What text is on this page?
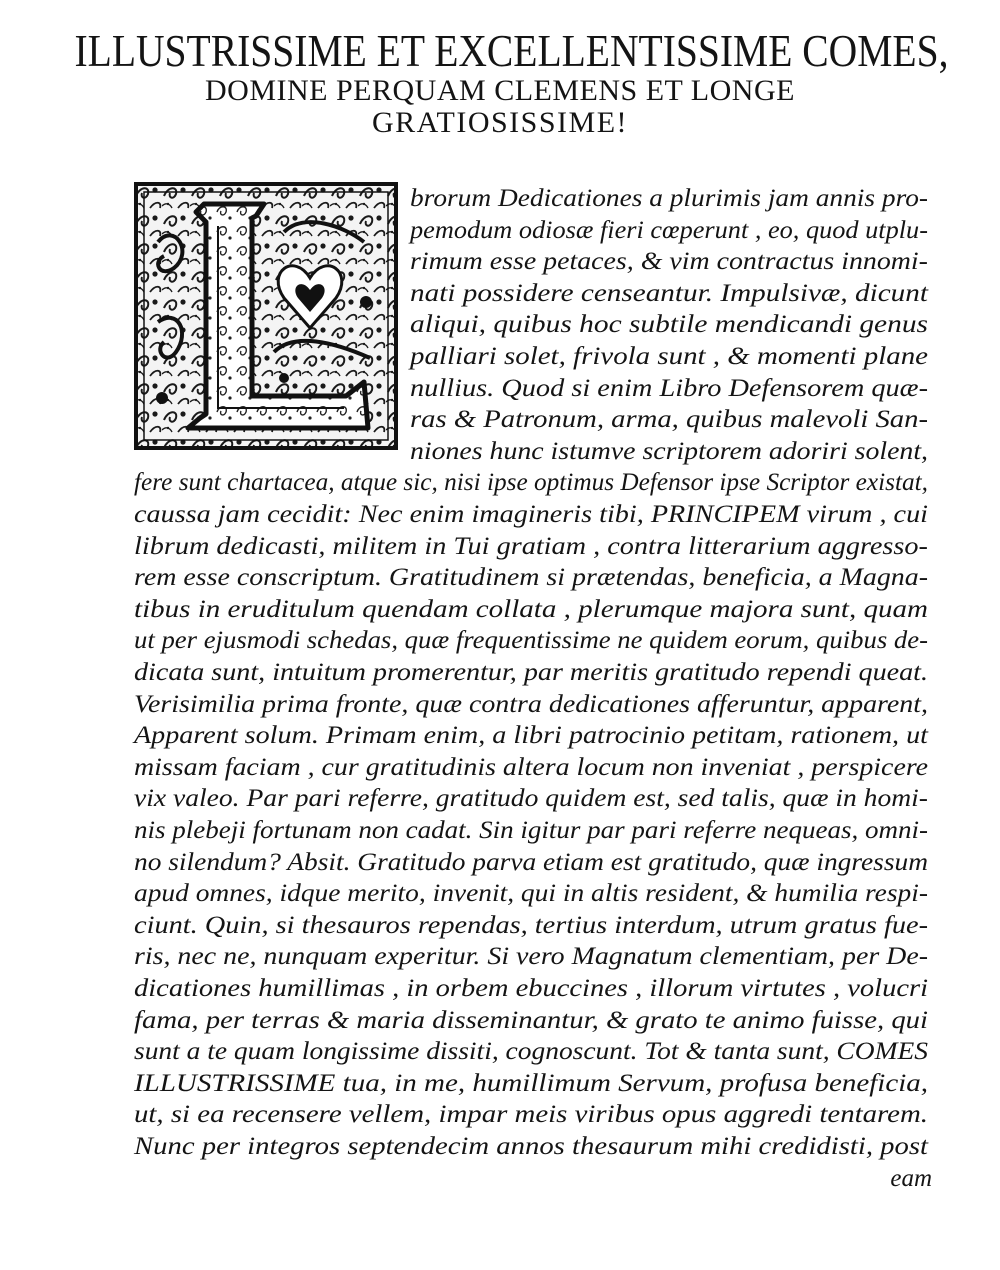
ILLUSTRISSIME ET EXCELLENTISSIME COMES,
DOMINE PERQUAM CLEMENS ET LONGE
GRATIOSISSIME!
brorum Dedicationes a plurimis jam annis pro-
pemodum odiosæ fieri cœperunt , eo, quod utplu-
rimum esse petaces, & vim contractus innomi-
nati possidere censeantur. Impulsivæ, dicunt
aliqui, quibus hoc subtile mendicandi genus
palliari solet, frivola sunt , & momenti plane
nullius. Quod si enim Libro Defensorem quæ-
ras & Patronum, arma, quibus malevoli San-
niones hunc istumve scriptorem adoriri solent,
fere sunt chartacea, atque sic, nisi ipse optimus Defensor ipse Scriptor existat,
caussa jam cecidit: Nec enim imagineris tibi, PRINCIPEM virum , cui
librum dedicasti, militem in Tui gratiam , contra litterarium aggresso-
rem esse conscriptum. Gratitudinem si prætendas, beneficia, a Magna-
tibus in eruditulum quendam collata , plerumque majora sunt, quam
ut per ejusmodi schedas, quæ frequentissime ne quidem eorum, quibus de-
dicata sunt, intuitum promerentur, par meritis gratitudo rependi queat.
Verisimilia prima fronte, quæ contra dedicationes afferuntur, apparent,
Apparent solum. Primam enim, a libri patrocinio petitam, rationem, ut
missam faciam , cur gratitudinis altera locum non inveniat , perspicere
vix valeo. Par pari referre, gratitudo quidem est, sed talis, quæ in homi-
nis plebeji fortunam non cadat. Sin igitur par pari referre nequeas, omni-
no silendum? Absit. Gratitudo parva etiam est gratitudo, quæ ingressum
apud omnes, idque merito, invenit, qui in altis resident, & humilia respi-
ciunt. Quin, si thesauros rependas, tertius interdum, utrum gratus fue-
ris, nec ne, nunquam experitur. Si vero Magnatum clementiam, per De-
dicationes humillimas , in orbem ebuccines , illorum virtutes , volucri
fama, per terras & maria disseminantur, & grato te animo fuisse, qui
sunt a te quam longissime dissiti, cognoscunt. Tot & tanta sunt, COMES
ILLUSTRISSIME tua, in me, humillimum Servum, profusa beneficia,
ut, si ea recensere vellem, impar meis viribus opus aggredi tentarem.
Nunc per integros septendecim annos thesaurum mihi credidisti, post
eam
